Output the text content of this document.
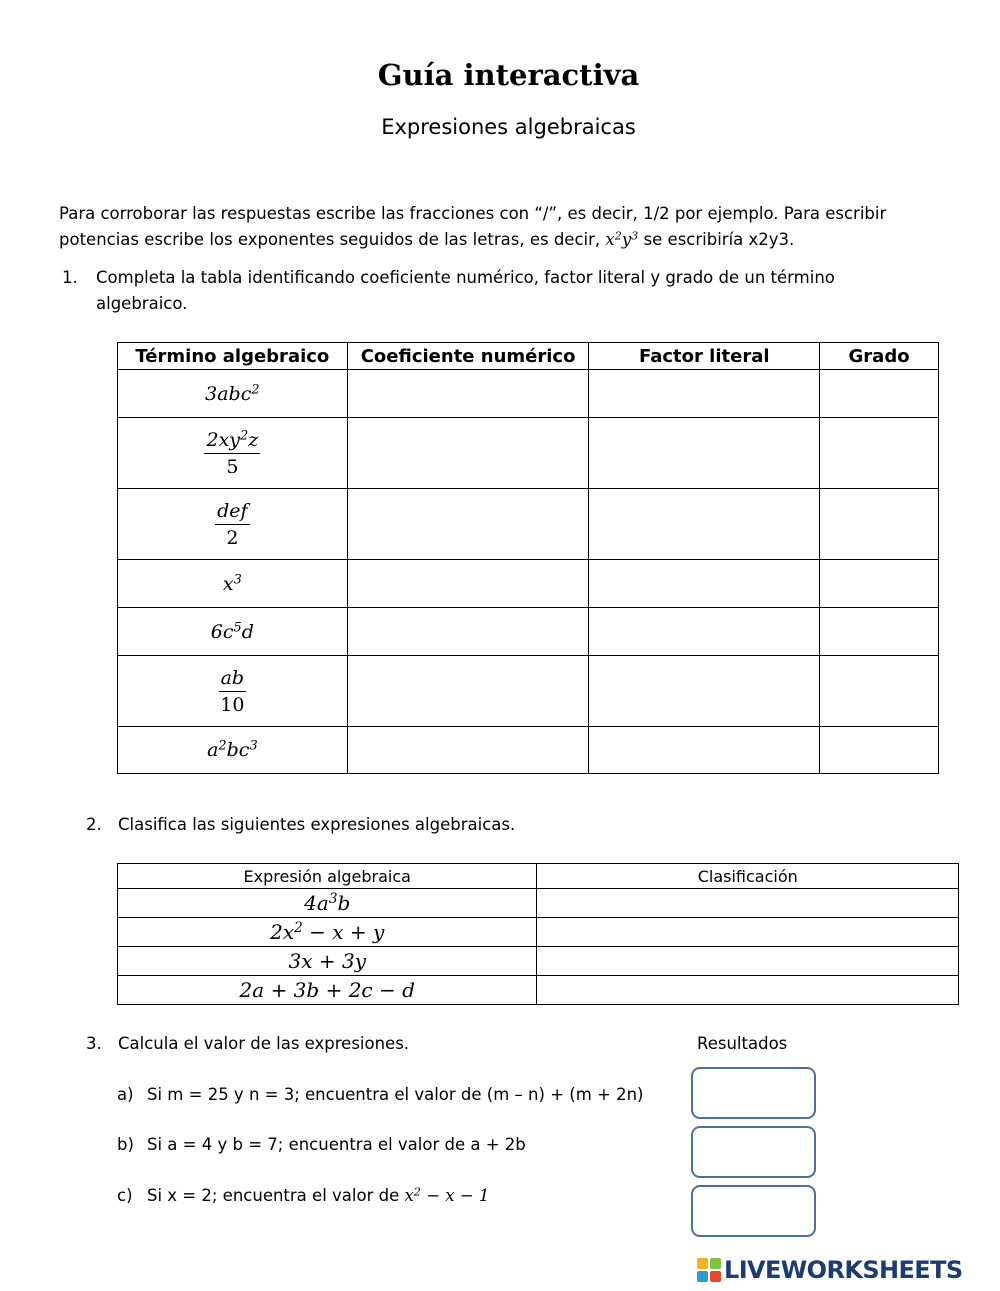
Guía interactiva
Expresiones algebraicas
Para corroborar las respuestas escribe las fracciones con “/”, es decir, 1/2 por ejemplo. Para escribir
potencias escribe los exponentes seguidos de las letras, es decir, $x^2y^3$ se escribiría x2y3.
1. Completa la tabla identificando coeficiente numérico, factor literal y grado de un término
algebraico.
Término algebraico	Coeficiente numérico	Factor literal	Grado
3abc$^2$			

$\frac{2xy^2z}{5}$

$\frac{\text{def}}{2}$

$x^3$			
$6c^5d$			

$\frac{ab}{10}$

$a^2bc^3$			
2. Clasifica las siguientes expresiones algebraicas.
Expresión algebraica	Clasificación
$4a^3b$	
$2x^2 - x + y$	
3x + 3y	
2a + 3b + 2c − d	
3. Calcula el valor de las expresiones.	Resultados
a) Si m = 25 y n = 3; encuentra el valor de (m – n) + (m + 2n)
b) Si a = 4 y b = 7; encuentra el valor de a + 2b
c) Si x = 2; encuentra el valor de $x^2 - x - 1$
LIVEWORKSHEETS
